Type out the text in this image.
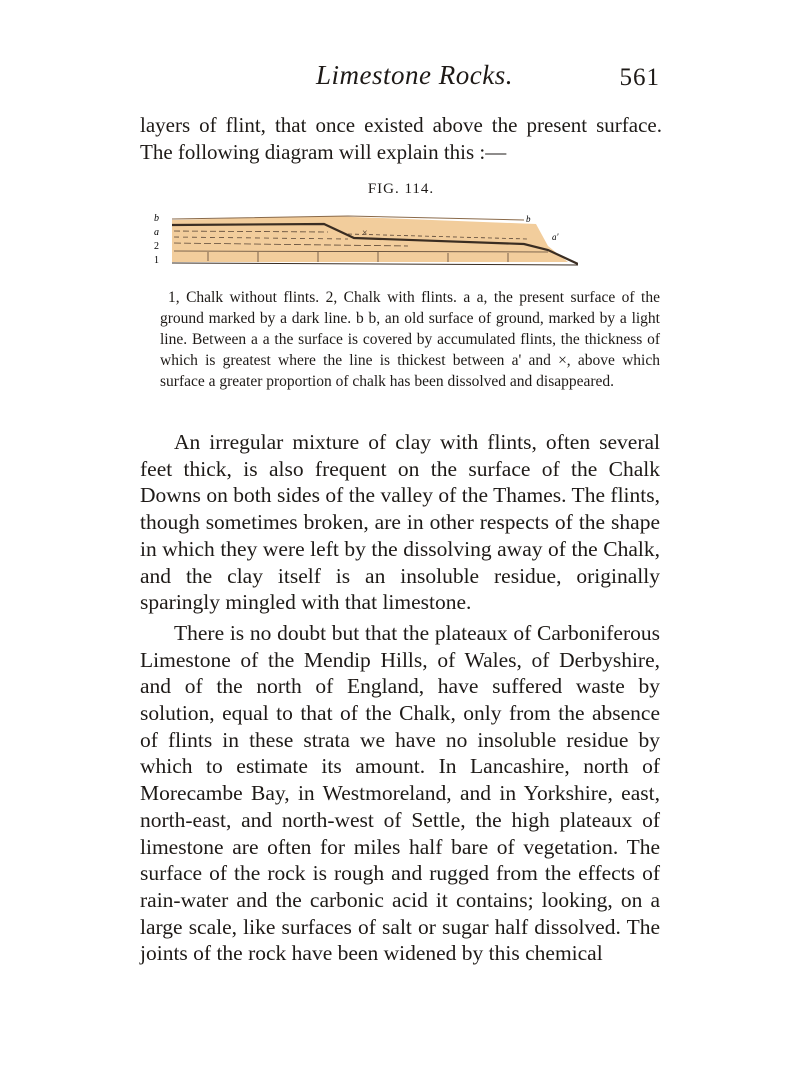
Limestone Rocks.	561

layers of flint, that once existed above the present surface. The following diagram will explain this :—

FIG. 114.
×
b
a
2
1
b
a'

1, Chalk without flints. 2, Chalk with flints. a a, the present surface of the ground marked by a dark line. b b, an old surface of ground, marked by a light line. Between a a the surface is covered by accumulated flints, the thickness of which is greatest where the line is thickest between a' and ×, above which surface a greater proportion of chalk has been dissolved and disappeared.

An irregular mixture of clay with flints, often several feet thick, is also frequent on the surface of the Chalk Downs on both sides of the valley of the Thames. The flints, though sometimes broken, are in other respects of the shape in which they were left by the dissolving away of the Chalk, and the clay itself is an insoluble residue, originally sparingly mingled with that limestone.

There is no doubt but that the plateaux of Carboniferous Limestone of the Mendip Hills, of Wales, of Derbyshire, and of the north of England, have suffered waste by solution, equal to that of the Chalk, only from the absence of flints in these strata we have no insoluble residue by which to estimate its amount. In Lancashire, north of Morecambe Bay, in Westmoreland, and in Yorkshire, east, north-east, and north-west of Settle, the high plateaux of limestone are often for miles half bare of vegetation. The surface of the rock is rough and rugged from the effects of rain-water and the carbonic acid it contains; looking, on a large scale, like surfaces of salt or sugar half dissolved. The joints of the rock have been widened by this chemical
